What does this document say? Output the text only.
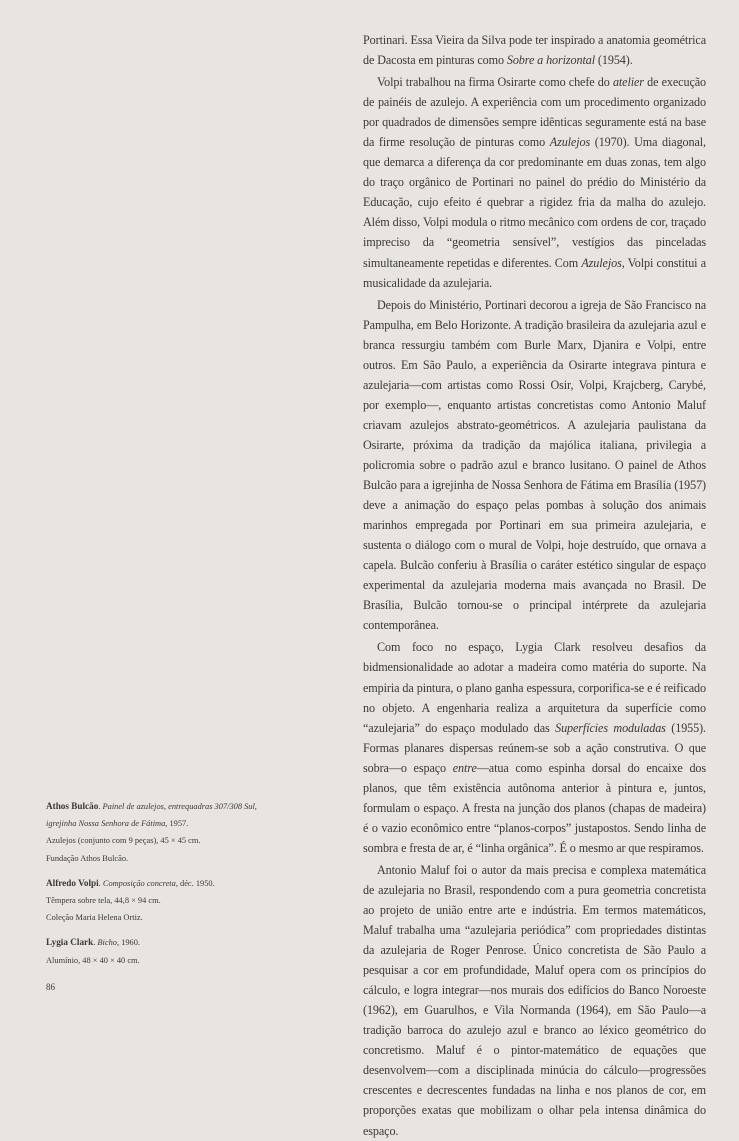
Portinari. Essa Vieira da Silva pode ter inspirado a anatomia geométrica de Dacosta em pinturas como Sobre a horizontal (1954).

Volpi trabalhou na firma Osirarte como chefe do atelier de execução de painéis de azulejo. A experiência com um procedimento organizado por quadrados de dimensões sempre idênticas seguramente está na base da firme resolução de pinturas como Azulejos (1970). Uma diagonal, que demarca a diferença da cor predominante em duas zonas, tem algo do traço orgânico de Portinari no painel do prédio do Ministério da Educação, cujo efeito é quebrar a rigidez fria da malha do azulejo. Além disso, Volpi modula o ritmo mecânico com ordens de cor, traçado impreciso da “geometria sensível”, vestígios das pinceladas simultaneamente repetidas e diferentes. Com Azulejos, Volpi constitui a musicalidade da azulejaria.

Depois do Ministério, Portinari decorou a igreja de São Francisco na Pampulha, em Belo Horizonte. A tradição brasileira da azulejaria azul e branca ressurgiu também com Burle Marx, Djanira e Volpi, entre outros. Em São Paulo, a experiência da Osirarte integrava pintura e azulejaria—com artistas como Rossi Osir, Volpi, Krajcberg, Carybé, por exemplo—, enquanto artistas concretistas como Antonio Maluf criavam azulejos abstrato-geométricos. A azulejaria paulistana da Osirarte, próxima da tradição da majólica italiana, privilegia a policromia sobre o padrão azul e branco lusitano. O painel de Athos Bulcão para a igrejinha de Nossa Senhora de Fátima em Brasília (1957) deve a animação do espaço pelas pombas à solução dos animais marinhos empregada por Portinari em sua primeira azulejaria, e sustenta o diálogo com o mural de Volpi, hoje destruído, que ornava a capela. Bulcão conferiu à Brasília o caráter estético singular de espaço experimental da azulejaria moderna mais avançada no Brasil. De Brasília, Bulcão tornou-se o principal intérprete da azulejaria contemporânea.

Com foco no espaço, Lygia Clark resolveu desafios da bidmensionalidade ao adotar a madeira como matéria do suporte. Na empiria da pintura, o plano ganha espessura, corporifica-se e é reificado no objeto. A engenharia realiza a arquitetura da superfície como “azulejaria” do espaço modulado das Superfícies moduladas (1955). Formas planares dispersas reúnem-se sob a ação construtiva. O que sobra—o espaço entre—atua como espinha dorsal do encaixe dos planos, que têm existência autônoma anterior à pintura e, juntos, formulam o espaço. A fresta na junção dos planos (chapas de madeira) é o vazio econômico entre “planos-corpos” justapostos. Sendo linha de sombra e fresta de ar, é “linha orgânica”. É o mesmo ar que respiramos.

Antonio Maluf foi o autor da mais precisa e complexa matemática de azulejaria no Brasil, respondendo com a pura geometria concretista ao projeto de união entre arte e indústria. Em termos matemáticos, Maluf trabalha uma “azulejaria periódica” com propriedades distintas da azulejaria de Roger Penrose. Único concretista de São Paulo a pesquisar a cor em profundidade, Maluf opera com os princípios do cálculo, e logra integrar—nos murais dos edifícios do Banco Noroeste (1962), em Guarulhos, e Vila Normanda (1964), em São Paulo—a tradição barroca do azulejo azul e branco ao léxico geométrico do concretismo. Maluf é o pintor-matemático de equações que desenvolvem—com a disciplinada minúcia do cálculo—progressões crescentes e decrescentes fundadas na linha e nos planos de cor, em proporções exatas que mobilizam o olhar pela intensa dinâmica do espaço.

Athos Bulcão. Painel de azulejos, entrequadras 307/308 Sul, igrejinha Nossa Senhora de Fátima, 1957.
Azulejos (conjunto com 9 peças), 45 × 45 cm.
Fundação Athos Bulcão.
Alfredo Volpi. Composição concreta, déc. 1950.
Têmpera sobre tela, 44,8 × 94 cm.
Coleção Maria Helena Ortiz.
Lygia Clark. Bicho, 1960.
Alumínio, 48 × 40 × 40 cm.
86
